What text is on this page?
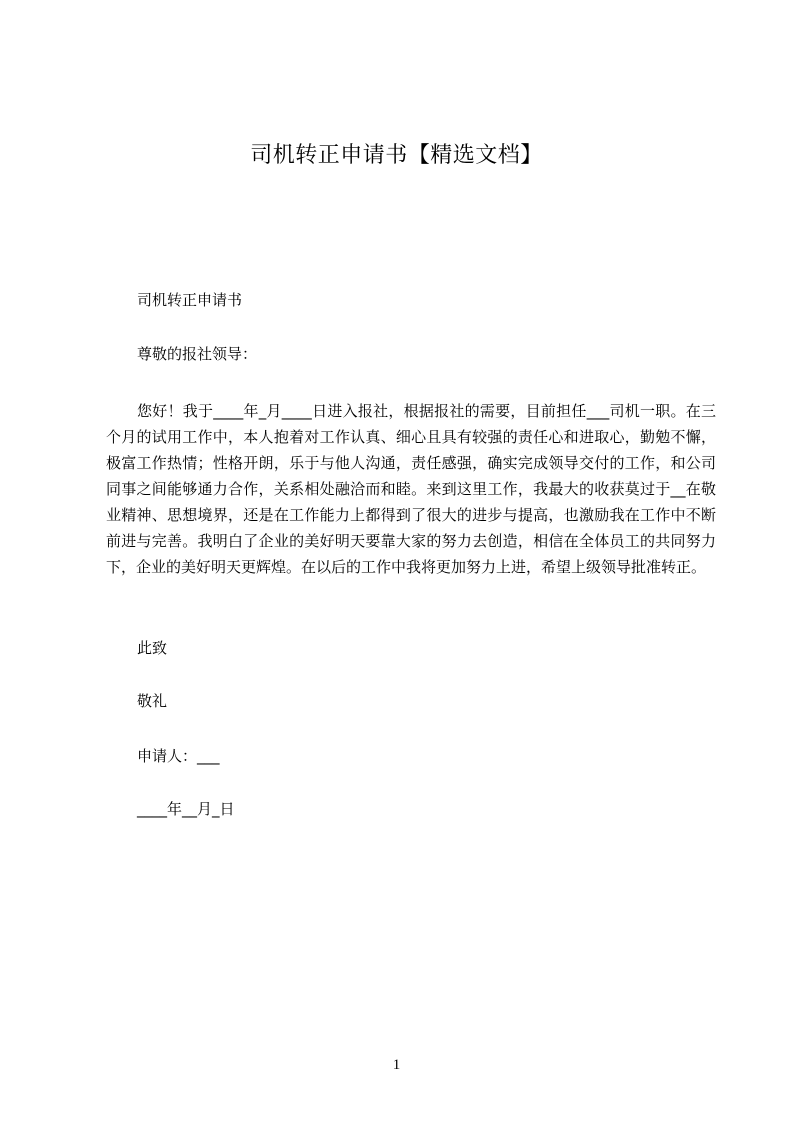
司机转正申请书【精选文档】
司机转正申请书
尊敬的报社领导：
您好！我于____年_月____日进入报社，根据报社的需要，目前担任___司机一职。在三个月的试用工作中，本人抱着对工作认真、细心且具有较强的责任心和进取心，勤勉不懈，极富工作热情；性格开朗，乐于与他人沟通，责任感强，确实完成领导交付的工作，和公司同事之间能够通力合作，关系相处融洽而和睦。来到这里工作，我最大的收获莫过于__在敬业精神、思想境界，还是在工作能力上都得到了很大的进步与提高，也激励我在工作中不断前进与完善。我明白了企业的美好明天要靠大家的努力去创造，相信在全体员工的共同努力下，企业的美好明天更辉煌。在以后的工作中我将更加努力上进，希望上级领导批准转正。
此致
敬礼
申请人：___
____年__月_日
1
